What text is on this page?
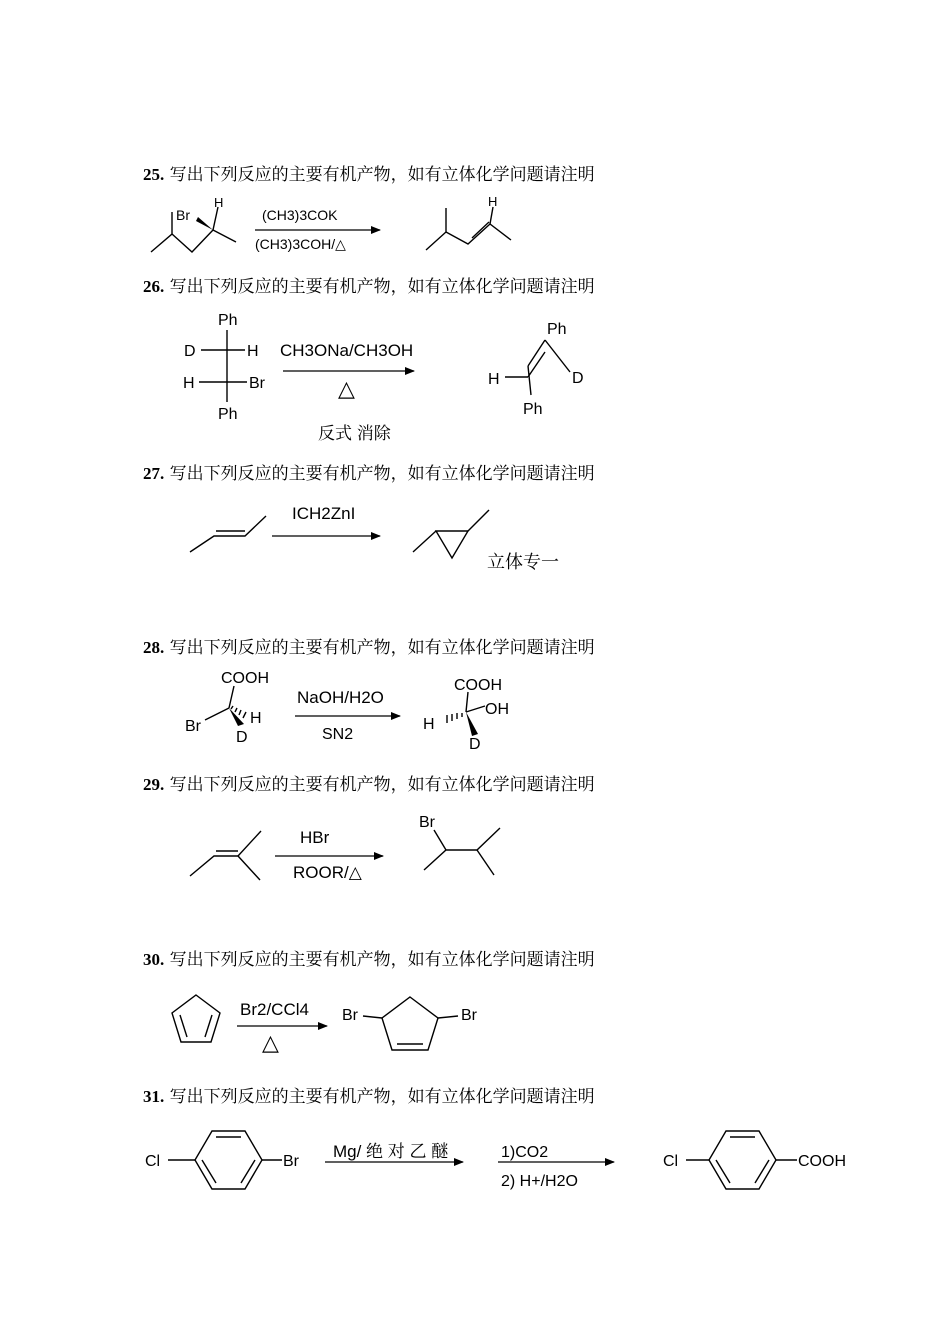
25. 写出下列反应的主要有机产物，如有立体化学问题请注明
26. 写出下列反应的主要有机产物，如有立体化学问题请注明
27. 写出下列反应的主要有机产物，如有立体化学问题请注明
28. 写出下列反应的主要有机产物，如有立体化学问题请注明
29. 写出下列反应的主要有机产物，如有立体化学问题请注明
30. 写出下列反应的主要有机产物，如有立体化学问题请注明
31. 写出下列反应的主要有机产物，如有立体化学问题请注明
Br
H
(CH3)3COK
(CH3)3COH/△
H
Ph
D	H
H	Br
Ph
CH3ONa/CH3OH
△
反式 消除
Ph
H	D
Ph
ICH2ZnI
立体专一
COOH
Br	H
D
NaOH/H2O
SN2
COOH
OH
H
D
HBr
ROOR/△
Br
Br2/CCl4
△
Br	Br
Cl	Br
Mg/ 绝 对 乙 醚	1)CO2
2) H+/H2O
Cl	COOH
